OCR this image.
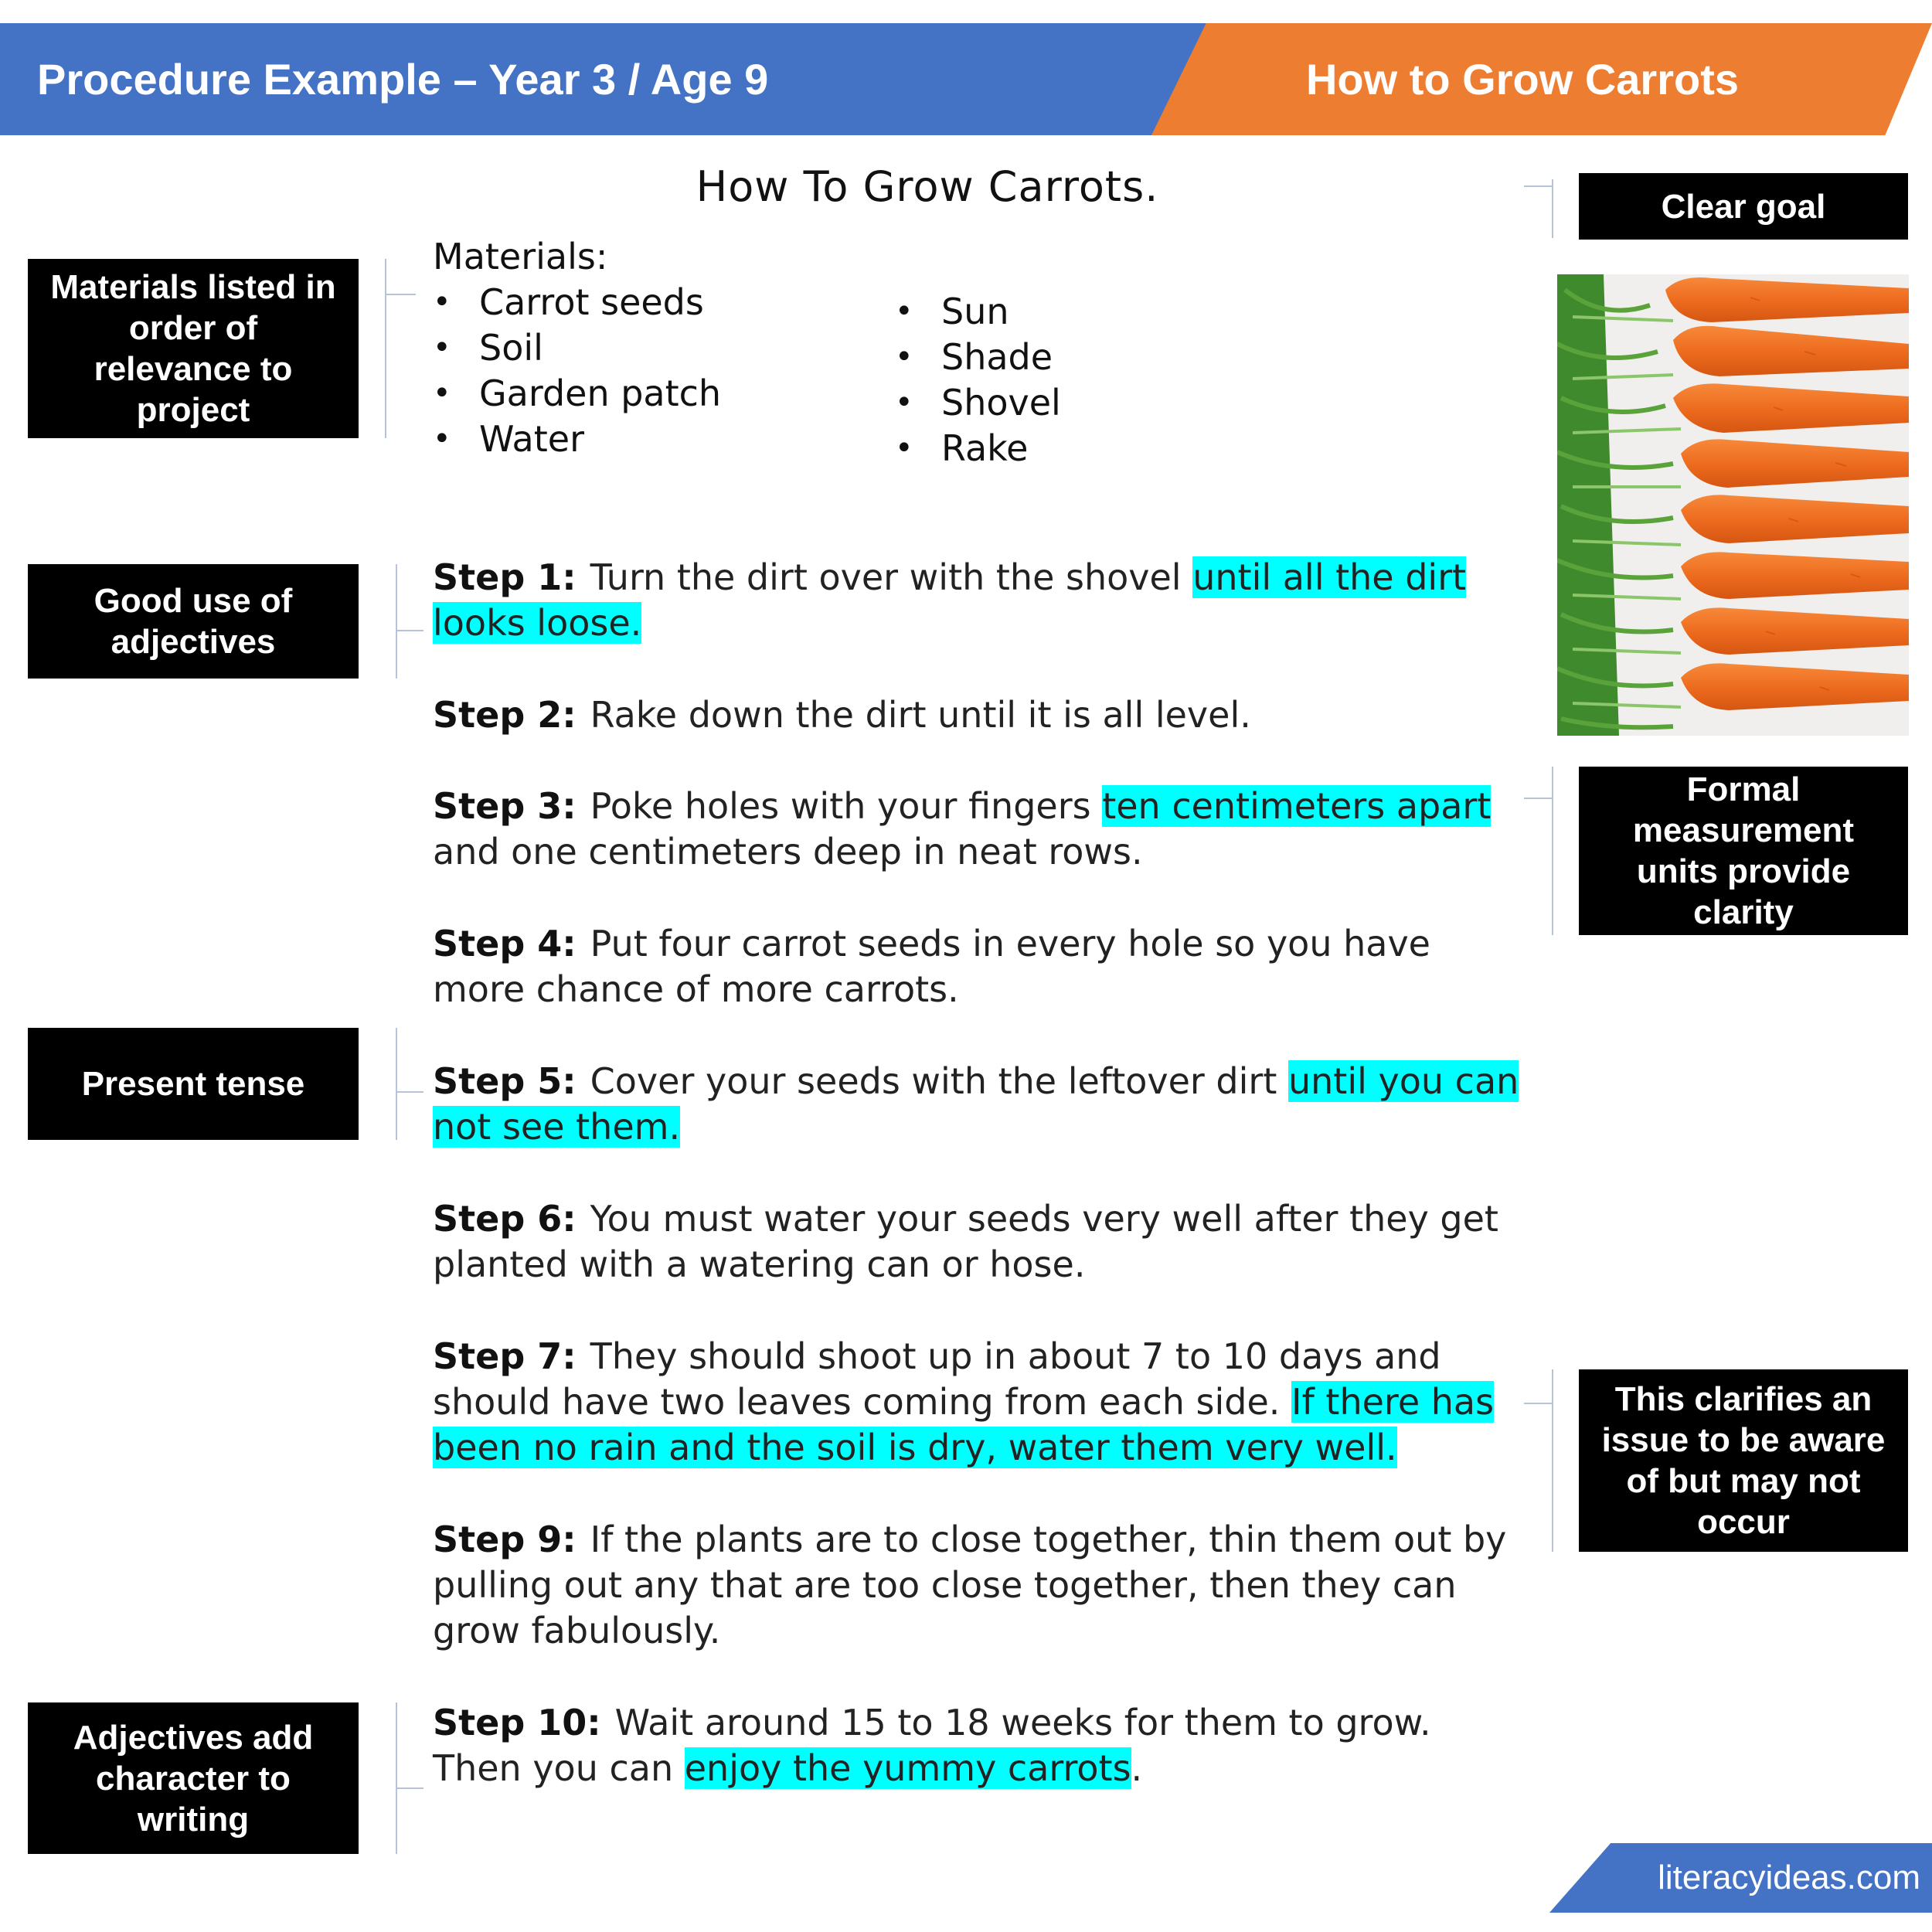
Procedure Example – Year 3 / Age 9	How to Grow Carrots
How To Grow Carrots.
Materials:
• Carrot seeds
• Soil
• Garden patch
• Water
• Sun
• Shade
• Shovel
• Rake

Step 1: Turn the dirt over with the shovel until all the dirt looks loose.

Step 2: Rake down the dirt until it is all level.

Step 3: Poke holes with your fingers ten centimeters apart
and one centimeters deep in neat rows.

Step 4: Put four carrot seeds in every hole so you have more chance of more carrots.

Step 5: Cover your seeds with the leftover dirt until you can not see them.

Step 6: You must water your seeds very well after they get planted with a watering can or hose.

Step 7: They should shoot up in about 7 to 10 days and should have two leaves coming from each side. If there has been no rain and the soil is dry, water them very well.

Step 9: If the plants are to close together, thin them out by pulling out any that are too close together, then they can grow fabulously.

Step 10: Wait around 15 to 18 weeks for them to grow. Then you can enjoy the yummy carrots.

Materials listed in
order of
relevance to
project
Good use of
adjectives
Present tense
Adjectives add
character to
writing
Clear goal
Formal
measurement
units provide
clarity
This clarifies an
issue to be aware
of but may not
occur
literacyideas.com
